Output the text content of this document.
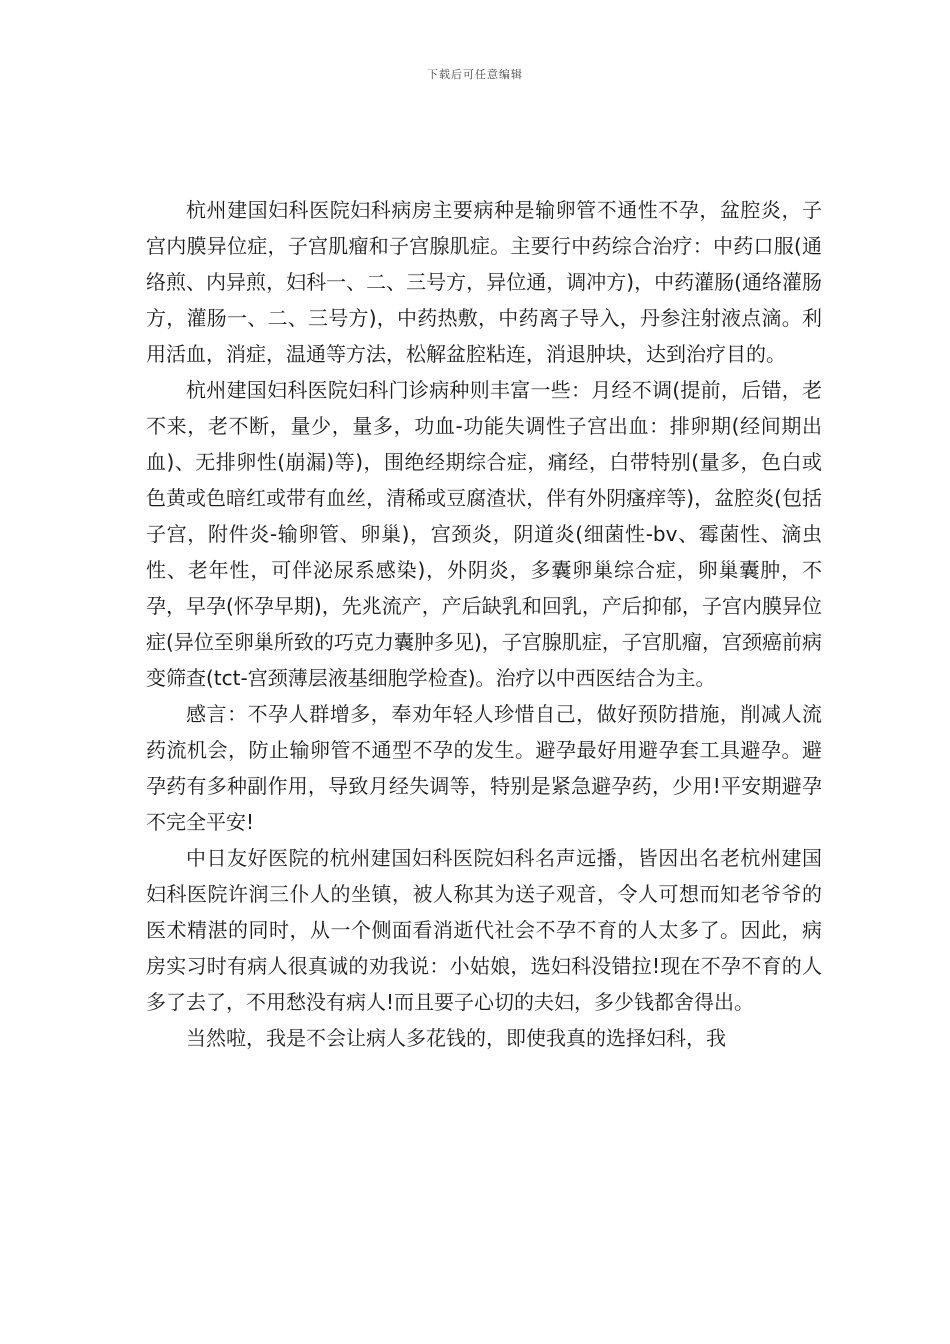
下载后可任意编辑

杭州建国妇科医院妇科病房主要病种是输卵管不通性不孕，盆腔炎，子宫内膜异位症，子宫肌瘤和子宫腺肌症。主要行中药综合治疗：中药口服(通络煎、内异煎，妇科一、二、三号方，异位通，调冲方)，中药灌肠(通络灌肠方，灌肠一、二、三号方)，中药热敷，中药离子导入，丹参注射液点滴。利用活血，消症，温通等方法，松解盆腔粘连，消退肿块，达到治疗目的。

杭州建国妇科医院妇科门诊病种则丰富一些：月经不调(提前，后错，老不来，老不断，量少，量多，功血-功能失调性子宫出血：排卵期(经间期出血)、无排卵性(崩漏)等)，围绝经期综合症，痛经，白带特别(量多，色白或色黄或色暗红或带有血丝，清稀或豆腐渣状，伴有外阴瘙痒等)，盆腔炎(包括子宫，附件炎-输卵管、卵巢)，宫颈炎，阴道炎(细菌性-bv、霉菌性、滴虫性、老年性，可伴泌尿系感染)，外阴炎，多囊卵巢综合症，卵巢囊肿，不孕，早孕(怀孕早期)，先兆流产，产后缺乳和回乳，产后抑郁，子宫内膜异位症(异位至卵巢所致的巧克力囊肿多见)，子宫腺肌症，子宫肌瘤，宫颈癌前病变筛查(tct-宫颈薄层液基细胞学检查)。治疗以中西医结合为主。

感言：不孕人群增多，奉劝年轻人珍惜自己，做好预防措施，削减人流药流机会，防止输卵管不通型不孕的发生。避孕最好用避孕套工具避孕。避孕药有多种副作用，导致月经失调等，特别是紧急避孕药，少用!平安期避孕不完全平安!

中日友好医院的杭州建国妇科医院妇科名声远播，皆因出名老杭州建国妇科医院许润三仆人的坐镇，被人称其为送子观音，令人可想而知老爷爷的医术精湛的同时，从一个侧面看消逝代社会不孕不育的人太多了。因此，病房实习时有病人很真诚的劝我说：小姑娘，选妇科没错拉!现在不孕不育的人多了去了，不用愁没有病人!而且要子心切的夫妇，多少钱都舍得出。

当然啦，我是不会让病人多花钱的，即使我真的选择妇科，我
